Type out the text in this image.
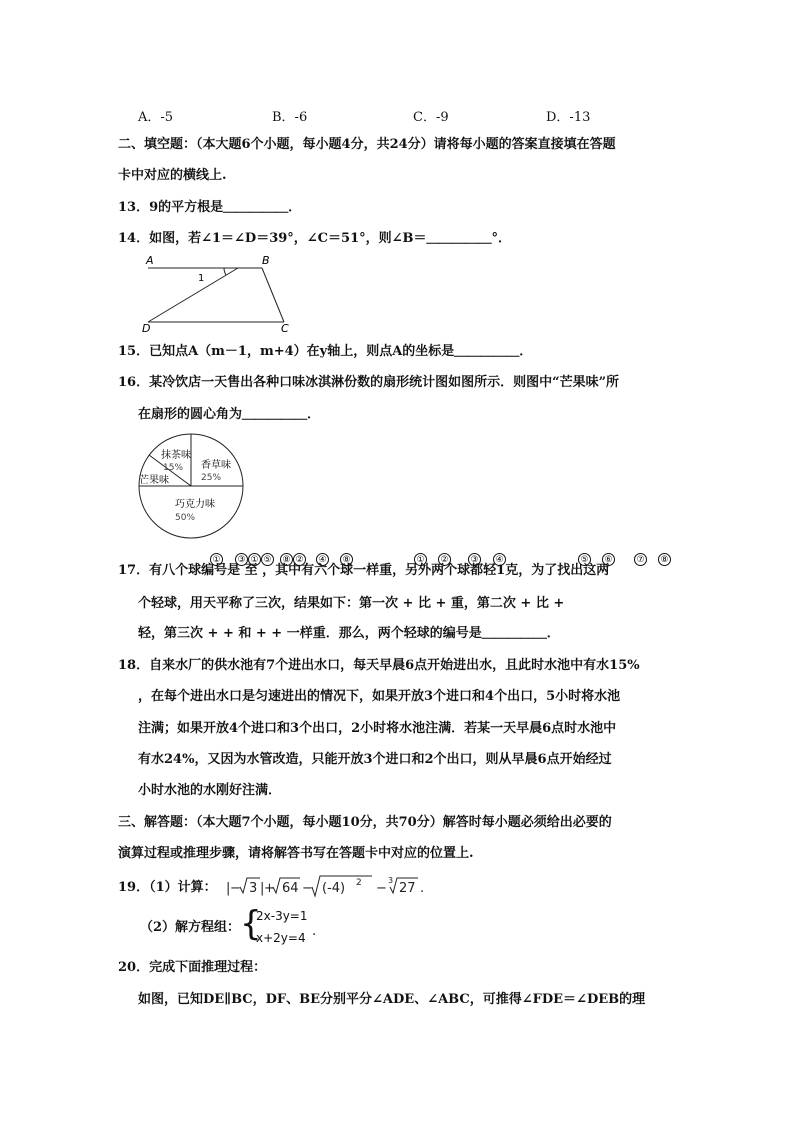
A．-5	B．-6	C．-9	D．-13
二、填空题：（本大题6个小题，每小题4分，共24分）请将每小题的答案直接填在答题
卡中对应的横线上.
13．9的平方根是＿＿＿＿＿．
14．如图，若∠1＝∠D＝39°，∠C＝51°，则∠B＝＿＿＿＿＿°．
A	B
D	C
1
15．已知点A（m－1，m+4）在y轴上，则点A的坐标是＿＿＿＿＿．
16．某冷饮店一天售出各种口味冰淇淋份数的扇形统计图如图所示．则图中“芒果味”所
在扇形的圆心角为＿＿＿＿＿．
抹茶味
15% 香草味
25%
芒果味
巧克力味
50%
① ③ ① ⑤ ⑧ ② ④ ⑧	① ② ③ ④	⑤ ⑥	⑦ ⑧
17．有八个球编号是 至 ，其中有六个球一样重，另外两个球都轻1克，为了找出这两
个轻球，用天平称了三次，结果如下：第一次 + 比 + 重，第二次 + 比 +
轻，第三次 + + 和 + + 一样重．那么，两个轻球的编号是＿＿＿＿＿．
18．自来水厂的供水池有7个进出水口，每天早晨6点开始进出水，且此时水池中有水15%
，在每个进出水口是匀速进出的情况下，如果开放3个进口和4个出口，5小时将水池
注满；如果开放4个进口和3个出口，2小时将水池注满．若某一天早晨6点时水池中
有水24%，又因为水管改造，只能开放3个进口和2个出口，则从早晨6点开始经过
小时水池的水刚好注满．
三、解答题：（本大题7个小题，每小题10分，共70分）解答时每小题必须给出必要的
演算过程或推理步骤，请将解答书写在答题卡中对应的位置上.
19．（1）计算： | − 3 | + 64 − (-4) 2 −
3
27 .
（2）解方程组： {
2x-3y=1
x+2y=4 .
20．完成下面推理过程：
如图，已知DE∥BC，DF、BE分别平分∠ADE、∠ABC，可推得∠FDE＝∠DEB的理
